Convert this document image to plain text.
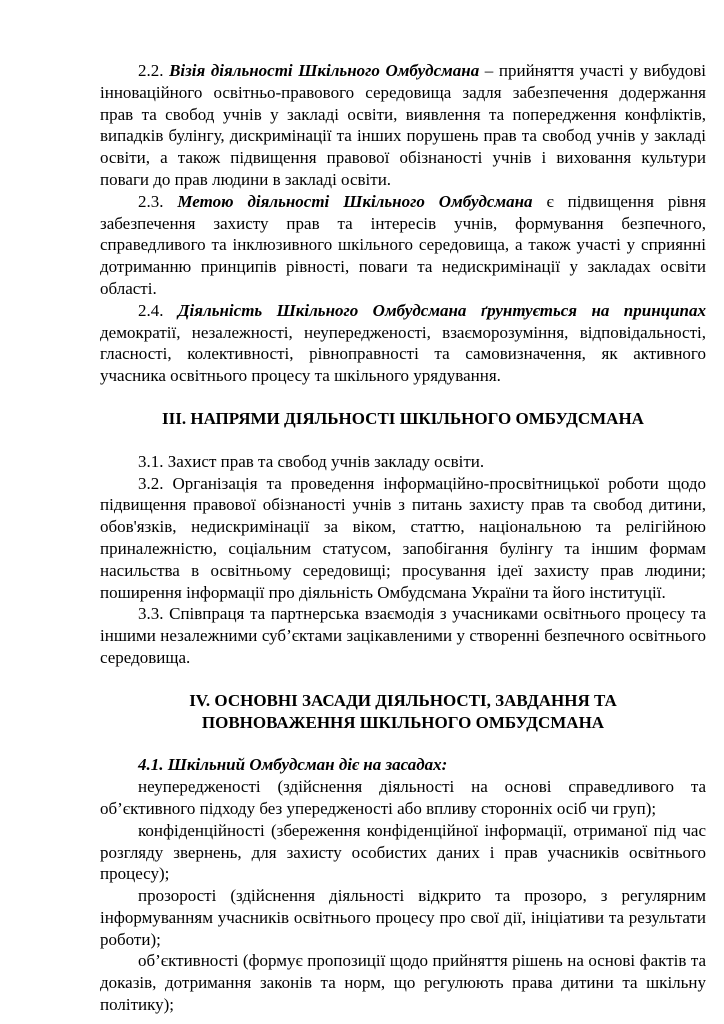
2.2. Візія діяльності Шкільного Омбудсмана – прийняття участі у вибудові інноваційного освітньо-правового середовища задля забезпечення додержання прав та свобод учнів у закладі освіти, виявлення та попередження конфліктів, випадків булінгу, дискримінації та інших порушень прав та свобод учнів у закладі освіти, а також підвищення правової обізнаності учнів і виховання культури поваги до прав людини в закладі освіти.

2.3. Метою діяльності Шкільного Омбудсмана є підвищення рівня забезпечення захисту прав та інтересів учнів, формування безпечного, справедливого та інклюзивного шкільного середовища, а також участі у сприянні дотриманню принципів рівності, поваги та недискримінації у закладах освіти області.

2.4. Діяльність Шкільного Омбудсмана ґрунтується на принципах демократії, незалежності, неупередженості, взаєморозуміння, відповідальності, гласності, колективності, рівноправності та самовизначення, як активного учасника освітнього процесу та шкільного урядування.

III. НАПРЯМИ ДІЯЛЬНОСТІ ШКІЛЬНОГО ОМБУДСМАНА

3.1. Захист прав та свобод учнів закладу освіти.

3.2. Організація та проведення інформаційно-просвітницької роботи щодо підвищення правової обізнаності учнів з питань захисту прав та свобод дитини, обов'язків, недискримінації за віком, статтю, національною та релігійною приналежністю, соціальним статусом, запобігання булінгу та іншим формам насильства в освітньому середовищі; просування ідеї захисту прав людини; поширення інформації про діяльність Омбудсмана України та його інституції.

3.3. Співпраця та партнерська взаємодія з учасниками освітнього процесу та іншими незалежними суб’єктами зацікавленими у створенні безпечного освітнього середовища.

IV. ОСНОВНІ ЗАСАДИ ДІЯЛЬНОСТІ, ЗАВДАННЯ ТА
ПОВНОВАЖЕННЯ ШКІЛЬНОГО ОМБУДСМАНА

4.1. Шкільний Омбудсман діє на засадах:

неупередженості (здійснення діяльності на основі справедливого та об’єктивного підходу без упередженості або впливу сторонніх осіб чи груп);

конфіденційності (збереження конфіденційної інформації, отриманої під час розгляду звернень, для захисту особистих даних і прав учасників освітнього процесу);

прозорості (здійснення діяльності відкрито та прозоро, з регулярним інформуванням учасників освітнього процесу про свої дії, ініціативи та результати роботи);

об’єктивності (формує пропозиції щодо прийняття рішень на основі фактів та доказів, дотримання законів та норм, що регулюють права дитини та шкільну політику);
